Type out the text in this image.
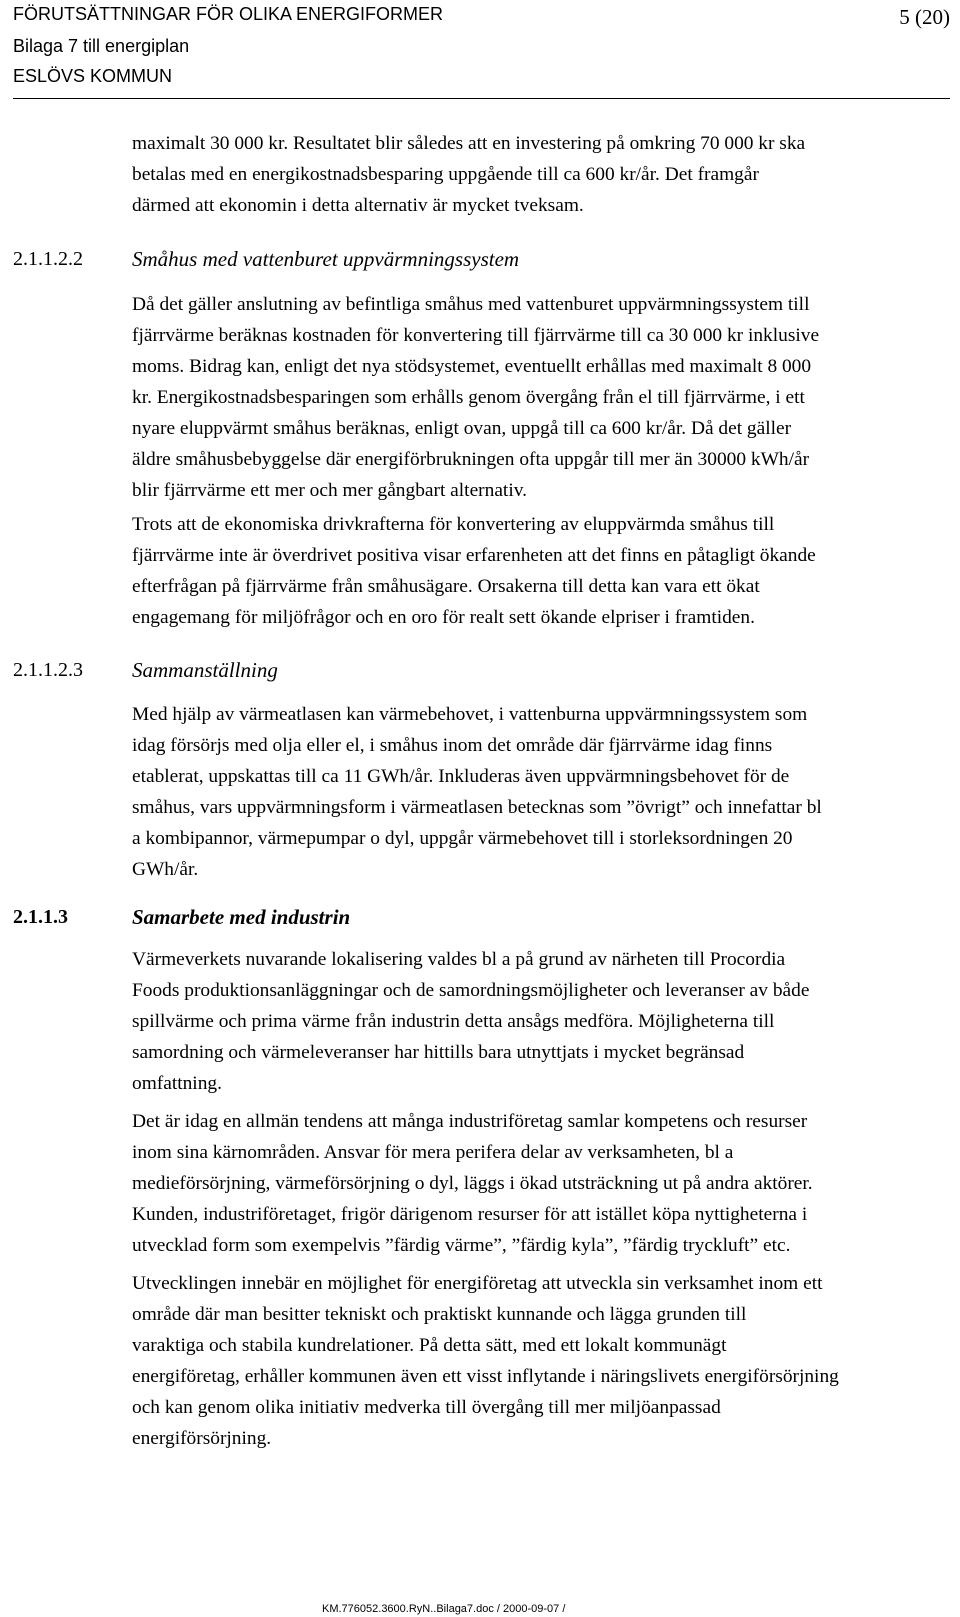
FÖRUTSÄTTNINGAR FÖR OLIKA ENERGIFORMER
Bilaga 7 till energiplan
ESLÖVS KOMMUN
5 (20)
maximalt 30 000 kr. Resultatet blir således att en investering på omkring 70 000 kr ska
betalas med en energikostnadsbesparing uppgående till ca 600 kr/år. Det framgår
därmed att ekonomin i detta alternativ är mycket tveksam.
2.1.1.2.2 Småhus med vattenburet uppvärmningssystem
Då det gäller anslutning av befintliga småhus med vattenburet uppvärmningssystem till
fjärrvärme beräknas kostnaden för konvertering till fjärrvärme till ca 30 000 kr inklusive
moms. Bidrag kan, enligt det nya stödsystemet, eventuellt erhållas med maximalt 8 000
kr. Energikostnadsbesparingen som erhålls genom övergång från el till fjärrvärme, i ett
nyare eluppvärmt småhus beräknas, enligt ovan, uppgå till ca 600 kr/år. Då det gäller
äldre småhusbebyggelse där energiförbrukningen ofta uppgår till mer än 30000 kWh/år
blir fjärrvärme ett mer och mer gångbart alternativ.
Trots att de ekonomiska drivkrafterna för konvertering av eluppvärmda småhus till
fjärrvärme inte är överdrivet positiva visar erfarenheten att det finns en påtagligt ökande
efterfrågan på fjärrvärme från småhusägare. Orsakerna till detta kan vara ett ökat
engagemang för miljöfrågor och en oro för realt sett ökande elpriser i framtiden.
2.1.1.2.3 Sammanställning
Med hjälp av värmeatlasen kan värmebehovet, i vattenburna uppvärmningssystem som
idag försörjs med olja eller el, i småhus inom det område där fjärrvärme idag finns
etablerat, uppskattas till ca 11 GWh/år. Inkluderas även uppvärmningsbehovet för de
småhus, vars uppvärmningsform i värmeatlasen betecknas som ”övrigt” och innefattar bl
a kombipannor, värmepumpar o dyl, uppgår värmebehovet till i storleksordningen 20
GWh/år.
2.1.1.3	Samarbete med industrin
Värmeverkets nuvarande lokalisering valdes bl a på grund av närheten till Procordia
Foods produktionsanläggningar och de samordningsmöjligheter och leveranser av både
spillvärme och prima värme från industrin detta ansågs medföra. Möjligheterna till
samordning och värmeleveranser har hittills bara utnyttjats i mycket begränsad
omfattning.
Det är idag en allmän tendens att många industriföretag samlar kompetens och resurser
inom sina kärnområden. Ansvar för mera perifera delar av verksamheten, bl a
medieförsörjning, värmeförsörjning o dyl, läggs i ökad utsträckning ut på andra aktörer.
Kunden, industriföretaget, frigör därigenom resurser för att istället köpa nyttigheterna i
utvecklad form som exempelvis ”färdig värme”, ”färdig kyla”, ”färdig tryckluft” etc.
Utvecklingen innebär en möjlighet för energiföretag att utveckla sin verksamhet inom ett
område där man besitter tekniskt och praktiskt kunnande och lägga grunden till
varaktiga och stabila kundrelationer. På detta sätt, med ett lokalt kommunägt
energiföretag, erhåller kommunen även ett visst inflytande i näringslivets energiförsörjning
och kan genom olika initiativ medverka till övergång till mer miljöanpassad
energiförsörjning.
KM.776052.3600.RyN..Bilaga7.doc / 2000-09-07 /
